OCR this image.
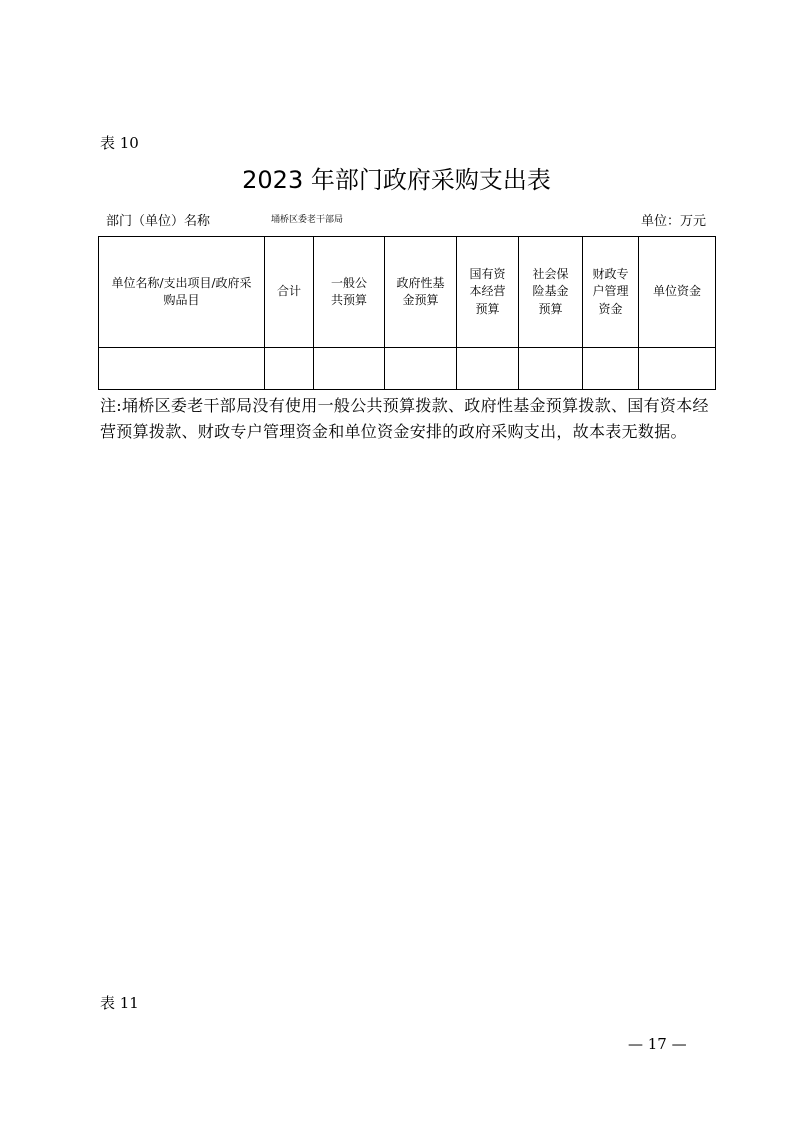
表 10
2023 年部门政府采购支出表
部门（单位）名称	埇桥区委老干部局	单位：万元
单位名称/支出项目/政府采购品目	合计	一般公共预算	政府性基金预算	国有资本经营预算	社会保险基金预算	财政专户管理资金	单位资金

注:埇桥区委老干部局没有使用一般公共预算拨款、政府性基金预算拨款、国有资本经营预算拨款、财政专户管理资金和单位资金安排的政府采购支出，故本表无数据。
表 11
— 17 —
